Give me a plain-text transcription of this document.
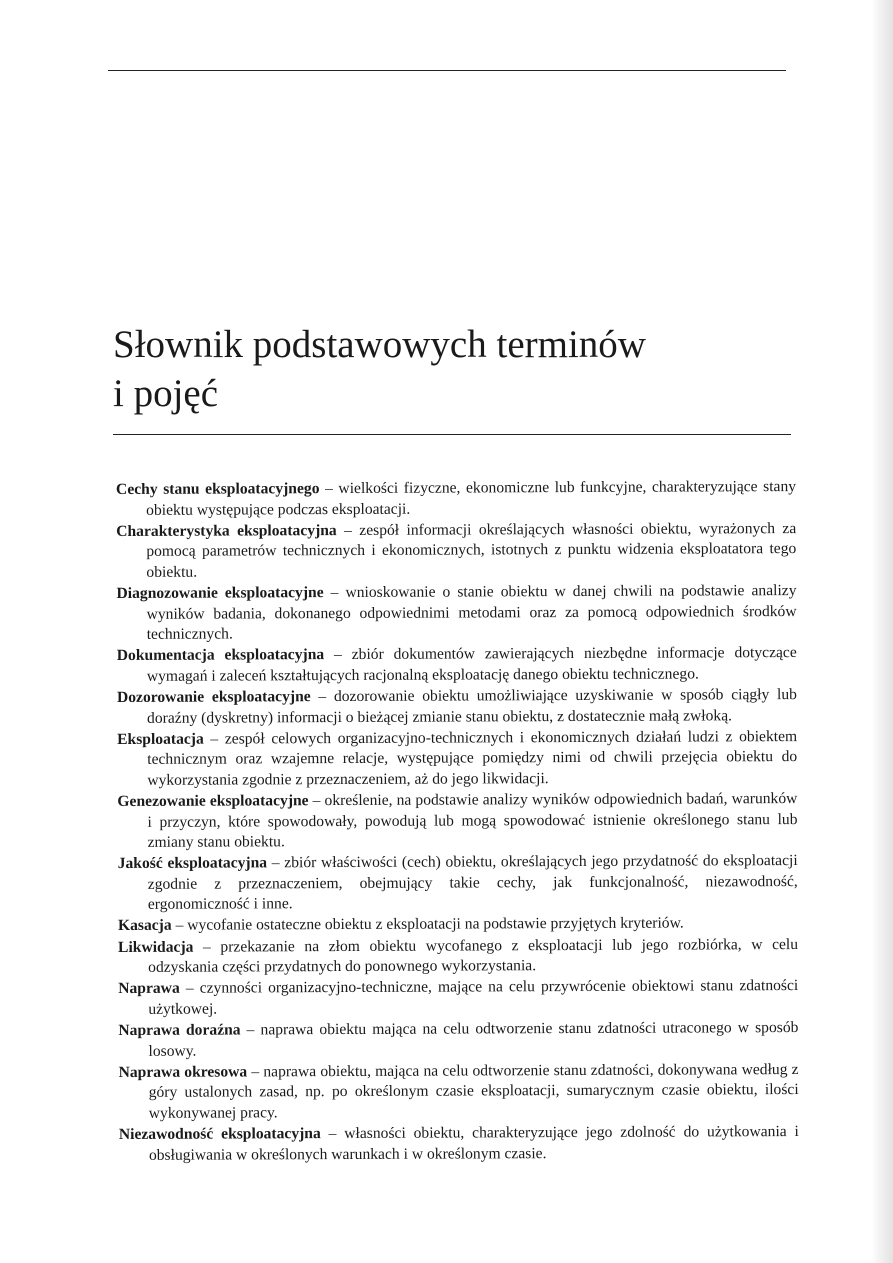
Słownik podstawowych terminów
i pojęć

Cechy stanu eksploatacyjnego – wielkości fizyczne, ekonomiczne lub funkcyjne, charakteryzujące stany obiektu występujące podczas eksploatacji.

Charakterystyka eksploatacyjna – zespół informacji określających własności obiektu, wyrażonych za pomocą parametrów technicznych i ekonomicznych, istotnych z punktu widzenia eksploatatora tego obiektu.

Diagnozowanie eksploatacyjne – wnioskowanie o stanie obiektu w danej chwili na podstawie analizy wyników badania, dokonanego odpowiednimi metodami oraz za pomocą odpowiednich środków technicznych.

Dokumentacja eksploatacyjna – zbiór dokumentów zawierających niezbędne informacje dotyczące wymagań i zaleceń kształtujących racjonalną eksploatację danego obiektu technicznego.

Dozorowanie eksploatacyjne – dozorowanie obiektu umożliwiające uzyskiwanie w sposób ciągły lub doraźny (dyskretny) informacji o bieżącej zmianie stanu obiektu, z dostatecznie małą zwłoką.

Eksploatacja – zespół celowych organizacyjno-technicznych i ekonomicznych działań ludzi z obiektem technicznym oraz wzajemne relacje, występujące pomiędzy nimi od chwili przejęcia obiektu do wykorzystania zgodnie z przeznaczeniem, aż do jego likwidacji.

Genezowanie eksploatacyjne – określenie, na podstawie analizy wyników odpowiednich badań, warunków i przyczyn, które spowodowały, powodują lub mogą spowodować istnienie określonego stanu lub zmiany stanu obiektu.

Jakość eksploatacyjna – zbiór właściwości (cech) obiektu, określających jego przydatność do eksploatacji zgodnie z przeznaczeniem, obejmujący takie cechy, jak funkcjonalność, niezawodność, ergonomiczność i inne.

Kasacja – wycofanie ostateczne obiektu z eksploatacji na podstawie przyjętych kryteriów.

Likwidacja – przekazanie na złom obiektu wycofanego z eksploatacji lub jego rozbiórka, w celu odzyskania części przydatnych do ponownego wykorzystania.

Naprawa – czynności organizacyjno-techniczne, mające na celu przywrócenie obiektowi stanu zdatności użytkowej.

Naprawa doraźna – naprawa obiektu mająca na celu odtworzenie stanu zdatności utraconego w sposób losowy.

Naprawa okresowa – naprawa obiektu, mająca na celu odtworzenie stanu zdatności, dokonywana według z góry ustalonych zasad, np. po określonym czasie eksploatacji, sumarycznym czasie obiektu, ilości wykonywanej pracy.

Niezawodność eksploatacyjna – własności obiektu, charakteryzujące jego zdolność do użytkowania i obsługiwania w określonych warunkach i w określonym czasie.
